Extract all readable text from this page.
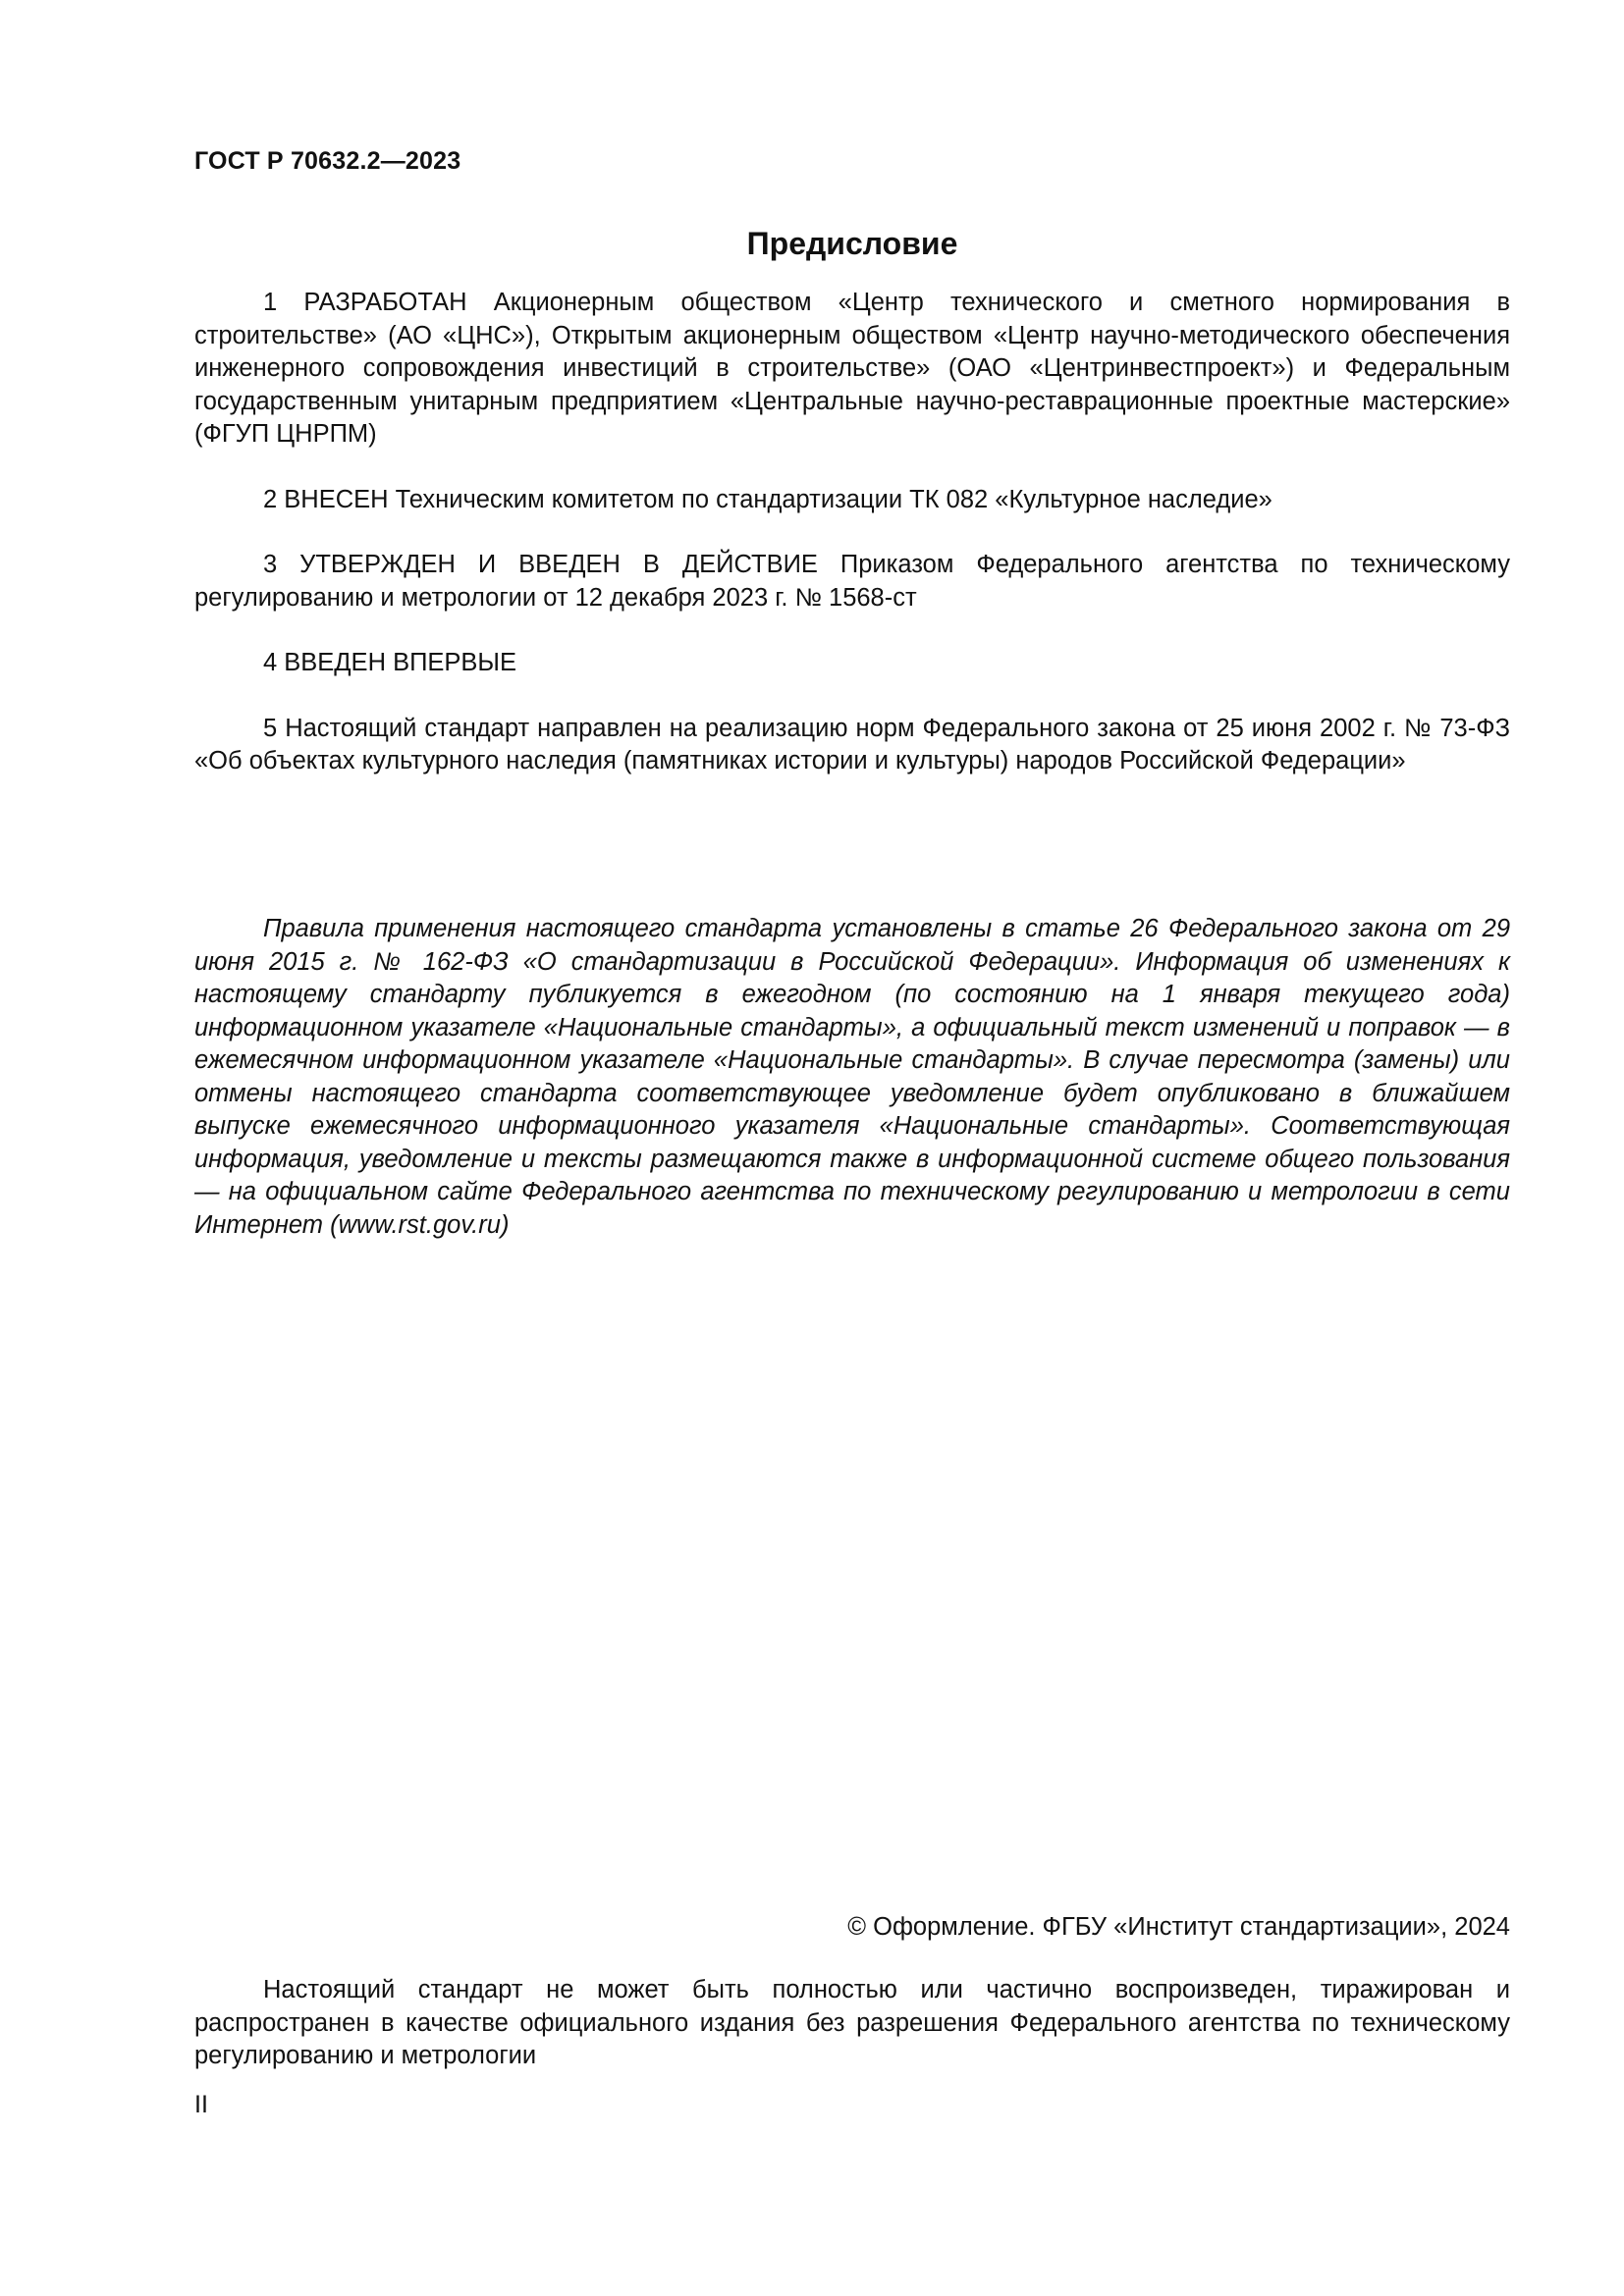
ГОСТ Р 70632.2—2023
Предисловие

1 РАЗРАБОТАН Акционерным обществом «Центр технического и сметного нормирования в строительстве» (АО «ЦНС»), Открытым акционерным обществом «Центр научно-методического обеспечения инженерного сопровождения инвестиций в строительстве» (ОАО «Центринвестпроект») и Федеральным государственным унитарным предприятием «Центральные научно-реставрационные проектные мастерские» (ФГУП ЦНРПМ)

2 ВНЕСЕН Техническим комитетом по стандартизации ТК 082 «Культурное наследие»

3 УТВЕРЖДЕН И ВВЕДЕН В ДЕЙСТВИЕ Приказом Федерального агентства по техническому регулированию и метрологии от 12 декабря 2023 г. № 1568-ст

4 ВВЕДЕН ВПЕРВЫЕ

5 Настоящий стандарт направлен на реализацию норм Федерального закона от 25 июня 2002 г. № 73-ФЗ «Об объектах культурного наследия (памятниках истории и культуры) народов Российской Федерации»

Правила применения настоящего стандарта установлены в статье 26 Федерального закона от 29 июня 2015 г. № 162-ФЗ «О стандартизации в Российской Федерации». Информация об изменениях к настоящему стандарту публикуется в ежегодном (по состоянию на 1 января текущего года) информационном указателе «Национальные стандарты», а официальный текст изменений и поправок — в ежемесячном информационном указателе «Национальные стандарты». В случае пересмотра (замены) или отмены настоящего стандарта соответствующее уведомление будет опубликовано в ближайшем выпуске ежемесячного информационного указателя «Национальные стандарты». Соответствующая информация, уведомление и тексты размещаются также в информационной системе общего пользования — на официальном сайте Федерального агентства по техническому регулированию и метрологии в сети Интернет (www.rst.gov.ru)

© Оформление. ФГБУ «Институт стандартизации», 2024

Настоящий стандарт не может быть полностью или частично воспроизведен, тиражирован и распространен в качестве официального издания без разрешения Федерального агентства по техническому регулированию и метрологии

II
